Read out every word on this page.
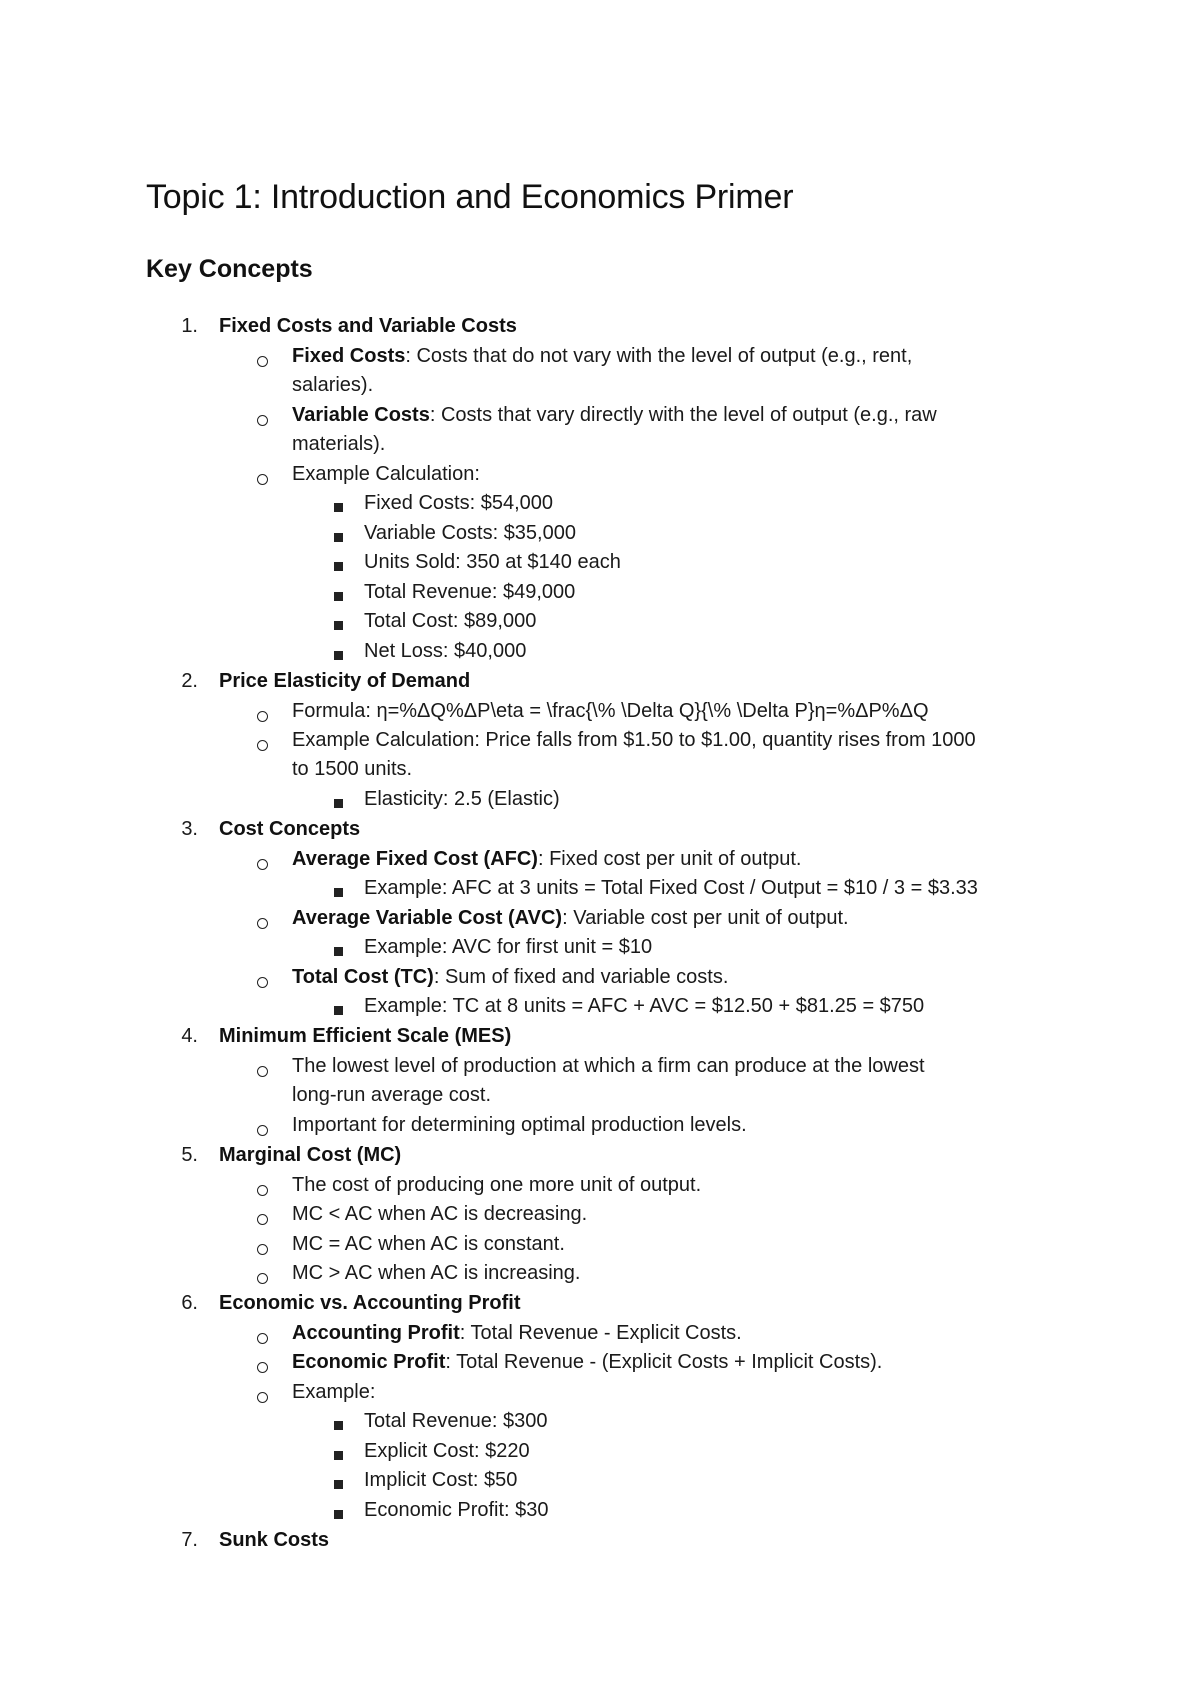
Topic 1: Introduction and Economics Primer
Key Concepts
1. Fixed Costs and Variable Costs
Fixed Costs: Costs that do not vary with the level of output (e.g., rent,
salaries).
Variable Costs: Costs that vary directly with the level of output (e.g., raw
materials).
Example Calculation:
Fixed Costs: $54,000
Variable Costs: $35,000
Units Sold: 350 at $140 each
Total Revenue: $49,000
Total Cost: $89,000
Net Loss: $40,000
2. Price Elasticity of Demand
Formula: η=%ΔQ%ΔP\eta = \frac{\% \Delta Q}{\% \Delta P}η=%ΔP%ΔQ
Example Calculation: Price falls from $1.50 to $1.00, quantity rises from 1000
to 1500 units.
Elasticity: 2.5 (Elastic)
3. Cost Concepts
Average Fixed Cost (AFC): Fixed cost per unit of output.
Example: AFC at 3 units = Total Fixed Cost / Output = $10 / 3 = $3.33
Average Variable Cost (AVC): Variable cost per unit of output.
Example: AVC for first unit = $10
Total Cost (TC): Sum of fixed and variable costs.
Example: TC at 8 units = AFC + AVC = $12.50 + $81.25 = $750
4. Minimum Efficient Scale (MES)
The lowest level of production at which a firm can produce at the lowest
long-run average cost.
Important for determining optimal production levels.
5. Marginal Cost (MC)
The cost of producing one more unit of output.
MC < AC when AC is decreasing.
MC = AC when AC is constant.
MC > AC when AC is increasing.
6. Economic vs. Accounting Profit
Accounting Profit: Total Revenue - Explicit Costs.
Economic Profit: Total Revenue - (Explicit Costs + Implicit Costs).
Example:
Total Revenue: $300
Explicit Cost: $220
Implicit Cost: $50
Economic Profit: $30
7. Sunk Costs
